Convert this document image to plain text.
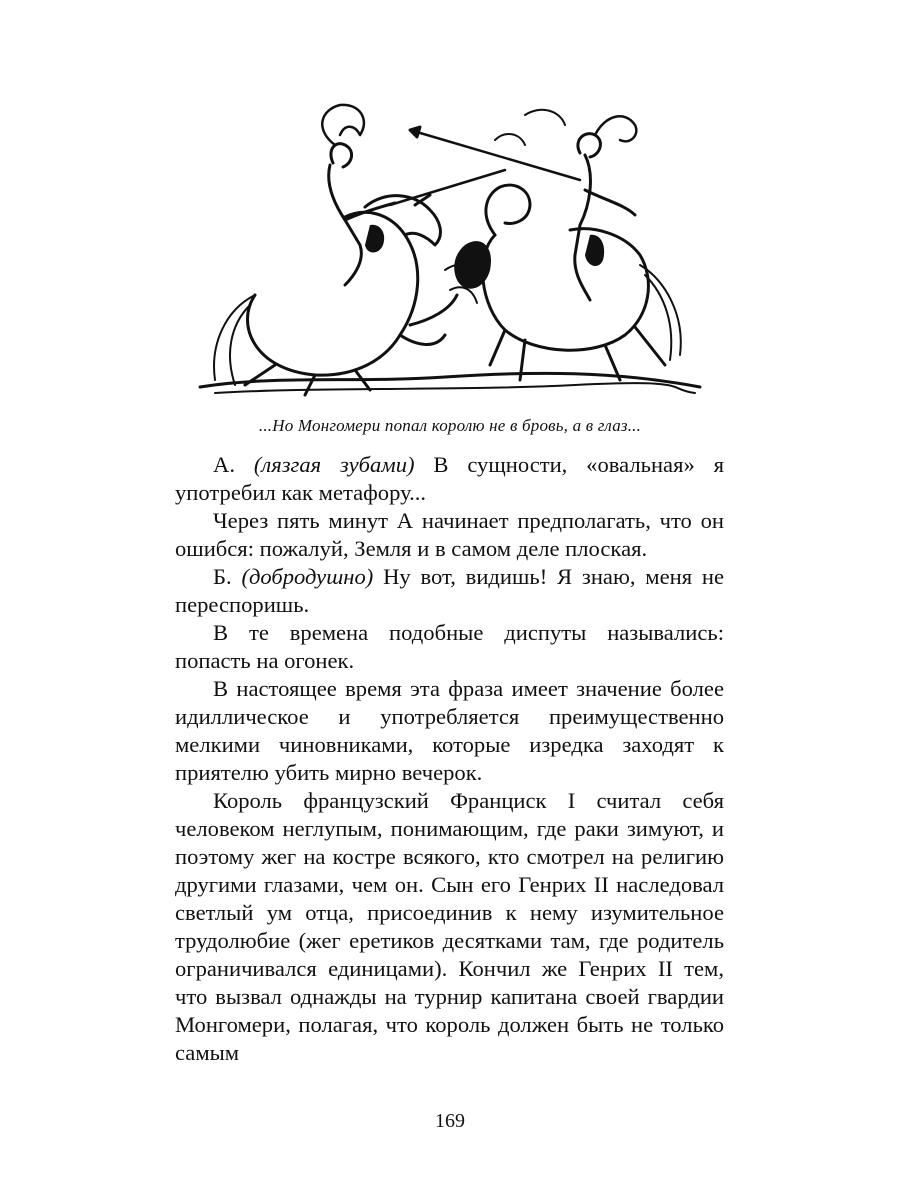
...Но Монгомери попал королю не в бровь, а в глаз...

А. (лязгая зубами) В сущности, «овальная» я употребил как метафору...

Через пять минут А начинает предполагать, что он ошибся: пожалуй, Земля и в самом деле плоская.

Б. (добродушно) Ну вот, видишь! Я знаю, меня не переспоришь.

В те времена подобные диспуты назывались: попасть на огонек.

В настоящее время эта фраза имеет значение более идиллическое и употребляется преимущественно мелкими чиновниками, которые изредка заходят к приятелю убить мирно вечерок.

Король французский Франциск I считал себя человеком неглупым, понимающим, где раки зимуют, и поэтому жег на костре всякого, кто смотрел на религию другими глазами, чем он. Сын его Генрих II наследовал светлый ум отца, присоединив к нему изумительное трудолюбие (жег еретиков десятками там, где родитель ограничивался единицами). Кончил же Генрих II тем, что вызвал однажды на турнир капитана своей гвардии Монгомери, полагая, что король должен быть не только самым

169
